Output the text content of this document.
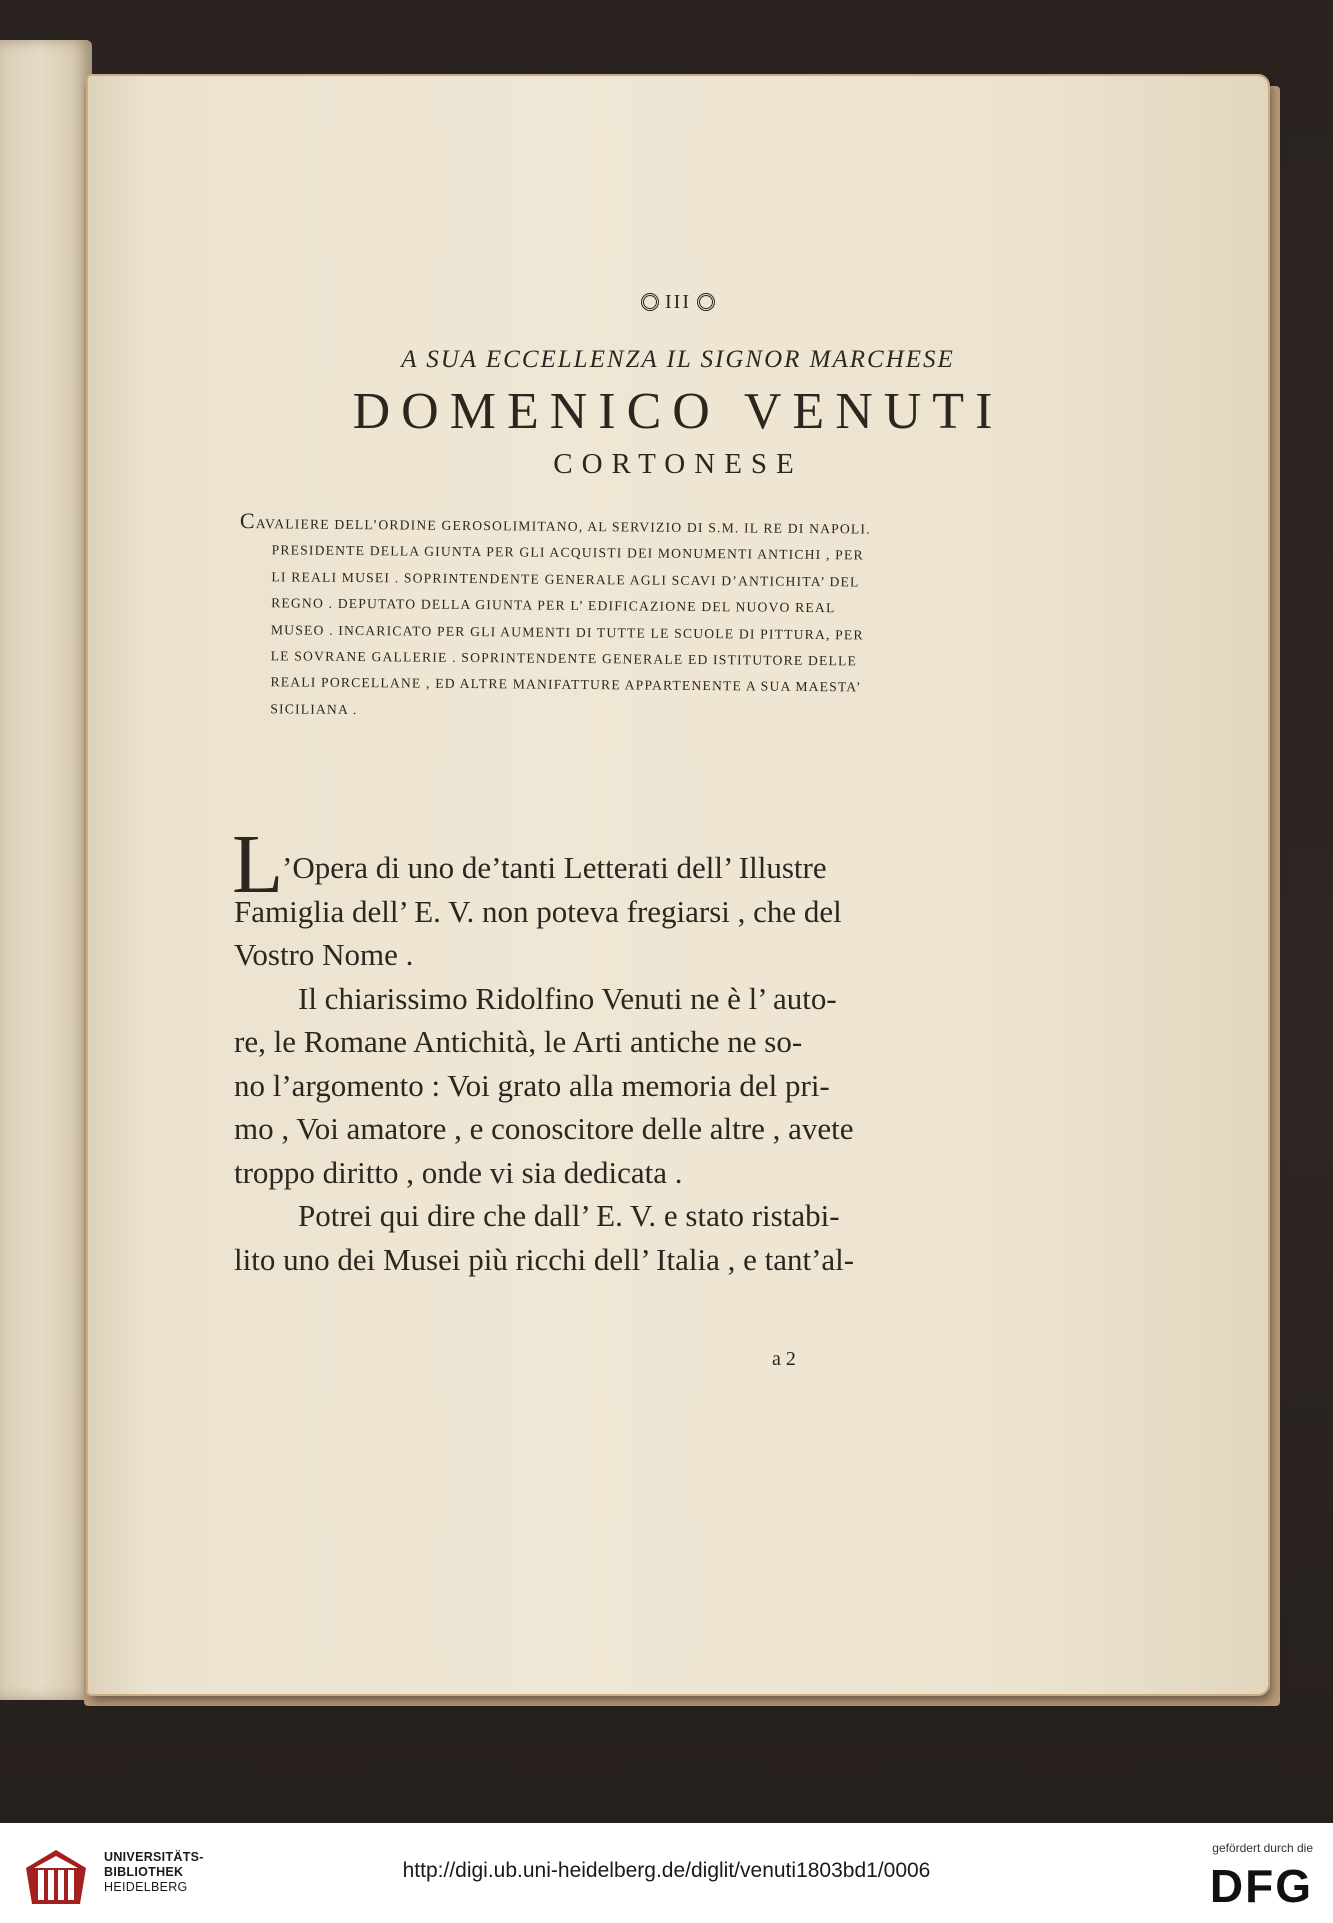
III
A SUA ECCELLENZA IL SIGNOR MARCHESE
DOMENICO VENUTI
CORTONESE
CAVALIERE DELL’ORDINE GEROSOLIMITANO, AL SERVIZIO DI S.M. IL RE DI NAPOLI.
PRESIDENTE DELLA GIUNTA PER GLI ACQUISTI DEI MONUMENTI ANTICHI , PER
LI REALI MUSEI . SOPRINTENDENTE GENERALE AGLI SCAVI D’ANTICHITA’ DEL
REGNO . DEPUTATO DELLA GIUNTA PER L’ EDIFICAZIONE DEL NUOVO REAL
MUSEO . INCARICATO PER GLI AUMENTI DI TUTTE LE SCUOLE DI PITTURA, PER
LE SOVRANE GALLERIE . SOPRINTENDENTE GENERALE ED ISTITUTORE DELLE
REALI PORCELLANE , ED ALTRE MANIFATTURE APPARTENENTE A SUA MAESTA’
SICILIANA .
L
’Opera di uno de’tanti Letterati dell’ Illustre
Famiglia dell’ E. V. non poteva fregiarsi , che del
Vostro Nome .
Il chiarissimo Ridolfino Venuti ne è l’ auto-
re, le Romane Antichità, le Arti antiche ne so-
no l’argomento : Voi grato alla memoria del pri-
mo , Voi amatore , e conoscitore delle altre , avete
troppo diritto , onde vi sia dedicata .
Potrei qui dire che dall’ E. V. e stato ristabi-
lito uno dei Musei più ricchi dell’ Italia , e tant’al-
a 2
UNIVERSITÄTS-
BIBLIOTHEK
HEIDELBERG
http://digi.ub.uni-heidelberg.de/diglit/venuti1803bd1/0006
gefördert durch die
DFG
